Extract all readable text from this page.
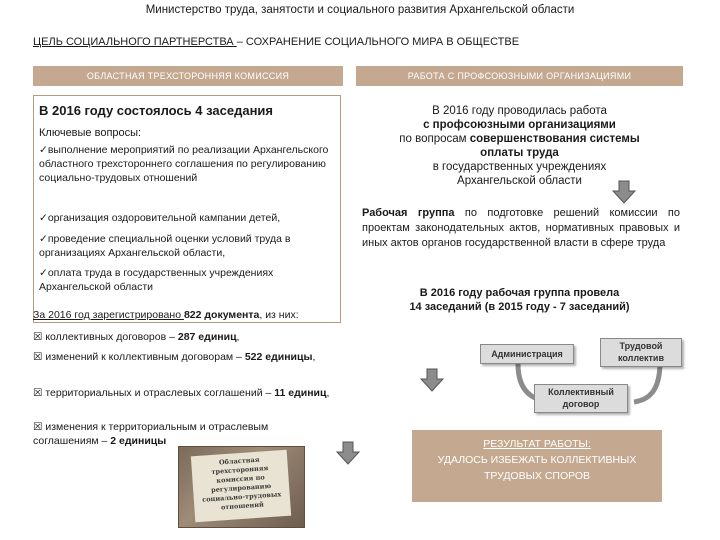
Министерство труда, занятости и социального развития Архангельской области
ЦЕЛЬ СОЦИАЛЬНОГО ПАРТНЕРСТВА – СОХРАНЕНИЕ СОЦИАЛЬНОГО МИРА В ОБЩЕСТВЕ
ОБЛАСТНАЯ ТРЕХСТОРОННЯЯ КОМИССИЯ	РАБОТА С ПРОФСОЮЗНЫМИ ОРГАНИЗАЦИЯМИ
В 2016 году состоялось 4 заседания
Ключевые вопросы:
✓выполнение мероприятий по реализации Архангельского областного трехстороннего соглашения по регулированию социально-трудовых отношений
✓организация оздоровительной кампании детей,
✓проведение специальной оценки условий труда в организациях Архангельской области,
✓оплата труда в государственных учреждениях Архангельской области
За 2016 год зарегистрировано 822 документа, из них:
☒ коллективных договоров – 287 единиц,
☒ изменений к коллективным договорам – 522 единицы,
☒ территориальных и отраслевых соглашений – 11 единиц,
☒ изменения к территориальным и отраслевым соглашениям – 2 единицы
Областная трехсторонняя комиссия по регулированию социально-трудовых отношений
В 2016 году проводилась работа
с профсоюзными организациями
по вопросам совершенствования системы
оплаты труда
в государственных учреждениях
Архангельской области
Рабочая группа по подготовке решений комиссии по проектам законодательных актов, нормативных правовых и иных актов органов государственной власти в сфере труда
В 2016 году рабочая группа провела
14 заседаний (в 2015 году - 7 заседаний)
Администрация
Трудовой
коллектив
Коллективный
договор
РЕЗУЛЬТАТ РАБОТЫ:
УДАЛОСЬ ИЗБЕЖАТЬ КОЛЛЕКТИВНЫХ
ТРУДОВЫХ СПОРОВ
